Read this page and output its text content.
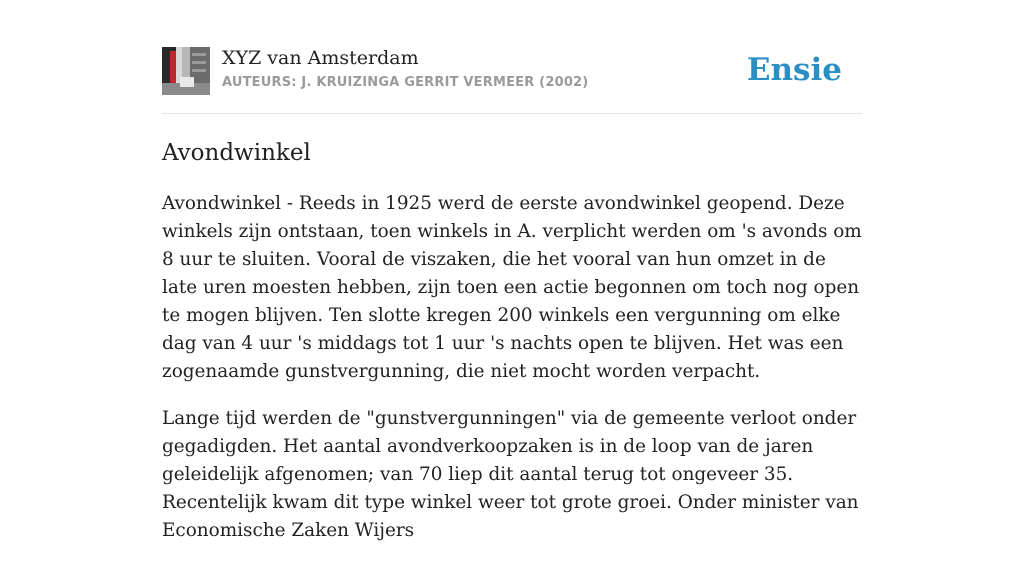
XYZ van Amsterdam
AUTEURS: J. KRUIZINGA GERRIT VERMEER (2002)	Ensie
Avondwinkel

Avondwinkel - Reeds in 1925 werd de eerste avondwinkel geopend. Deze winkels zijn ontstaan, toen winkels in A. verplicht werden om 's avonds om 8 uur te sluiten. Vooral de viszaken, die het vooral van hun omzet in de late uren moesten hebben, zijn toen een actie begonnen om toch nog open te mogen blijven. Ten slotte kregen 200 winkels een vergunning om elke dag van 4 uur 's middags tot 1 uur 's nachts open te blijven. Het was een zogenaamde gunstvergunning, die niet mocht worden verpacht.

Lange tijd werden de "gunstvergunningen" via de gemeente verloot onder gegadigden. Het aantal avondverkoopzaken is in de loop van de jaren geleidelijk afgenomen; van 70 liep dit aantal terug tot ongeveer 35. Recentelijk kwam dit type winkel weer tot grote groei. Onder minister van Economische Zaken Wijers
